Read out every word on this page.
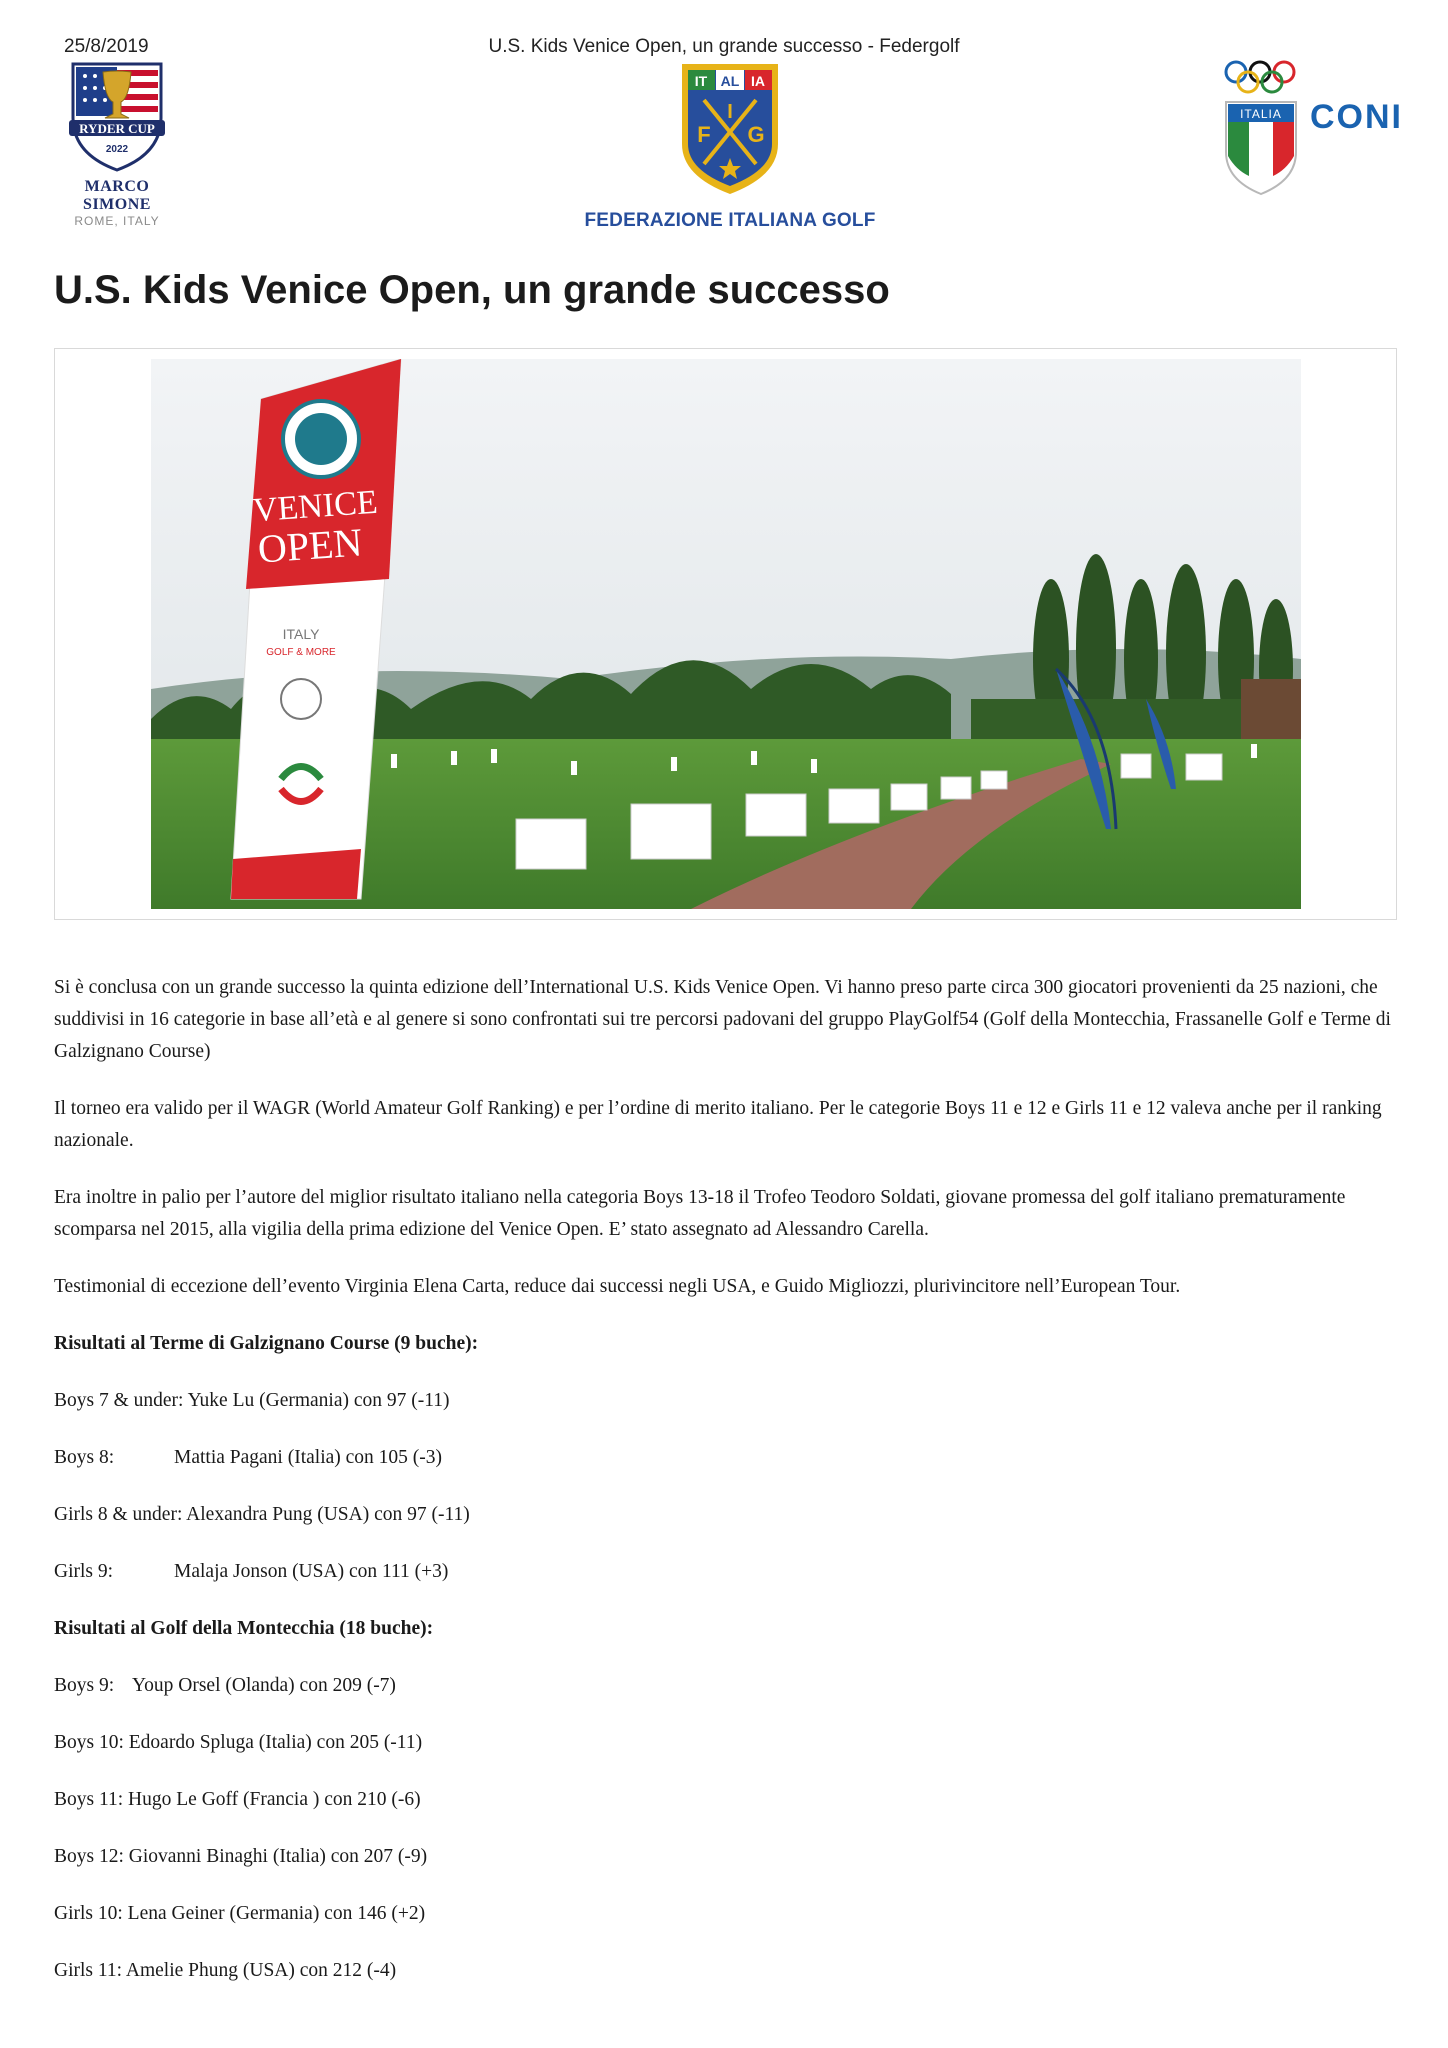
25/8/2019	U.S. Kids Venice Open, un grande successo - Federgolf
RYDER CUP
2022
MARCO SIMONE
ROME, ITALY
IT AL IA
I
F G
FEDERAZIONE ITALIANA GOLF
ITALIA CONI
U.S. Kids Venice Open, un grande successo
VENICE
OPEN
ITALY
GOLF & MORE

Si è conclusa con un grande successo la quinta edizione dell’International U.S. Kids Venice Open. Vi hanno preso parte circa 300 giocatori provenienti da 25 nazioni, che suddivisi in 16 categorie in base all’età e al genere si sono confrontati sui tre percorsi padovani del gruppo PlayGolf54 (Golf della Montecchia, Frassanelle Golf e Terme di Galzignano Course)

Il torneo era valido per il WAGR (World Amateur Golf Ranking) e per l’ordine di merito italiano. Per le categorie Boys 11 e 12 e Girls 11 e 12 valeva anche per il ranking nazionale.

Era inoltre in palio per l’autore del miglior risultato italiano nella categoria Boys 13-18 il Trofeo Teodoro Soldati, giovane promessa del golf italiano prematuramente scomparsa nel 2015, alla vigilia della prima edizione del Venice Open. E’ stato assegnato ad Alessandro Carella.

Testimonial di eccezione dell’evento Virginia Elena Carta, reduce dai successi negli USA, e Guido Migliozzi, plurivincitore nell’European Tour.

Risultati al Terme di Galzignano Course (9 buche):

Boys 7 & under: Yuke Lu (Germania) con 97 (-11)

Boys 8:	Mattia Pagani (Italia) con 105 (-3)

Girls 8 & under: Alexandra Pung (USA) con 97 (-11)

Girls 9:	Malaja Jonson (USA) con 111 (+3)

Risultati al Golf della Montecchia (18 buche):

Boys 9: Youp Orsel (Olanda) con 209 (-7)

Boys 10: Edoardo Spluga (Italia) con 205 (-11)

Boys 11: Hugo Le Goff (Francia ) con 210 (-6)

Boys 12: Giovanni Binaghi (Italia) con 207 (-9)

Girls 10: Lena Geiner (Germania) con 146 (+2)

Girls 11: Amelie Phung (USA) con 212 (-4)
